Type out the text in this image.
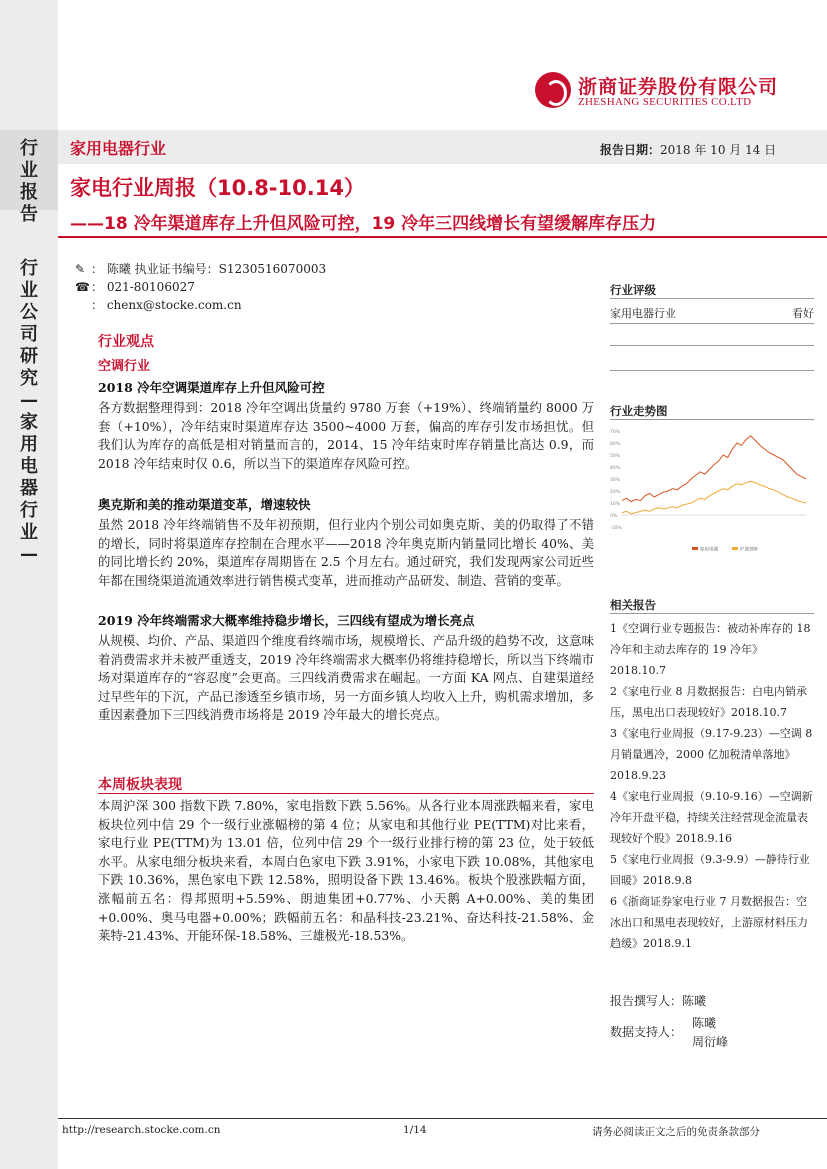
行
业
报
告
行
业
公
司
研
究
—
家
用
电
器
行
业
—
浙商证券股份有限公司
ZHESHANG SECURITIES CO.LTD
家用电器行业	报告日期：2018 年 10 月 14 日
家电行业周报（10.8-10.14）
——18 冷年渠道库存上升但风险可控，19 冷年三四线增长有望缓解库存压力
✎ ： 陈曦 执业证书编号：S1230516070003
☎： 021-80106027
： chenx@stocke.com.cn
行业观点
空调行业
2018 冷年空调渠道库存上升但风险可控
各方数据整理得到：2018 冷年空调出货量约 9780 万套（+19%）、终端销量约 8000 万套（+10%），冷年结束时渠道库存达 3500~4000 万套，偏高的库存引发市场担忧。但我们认为库存的高低是相对销量而言的，2014、15 冷年结束时库存销量比高达 0.9，而 2018 冷年结束时仅 0.6，所以当下的渠道库存风险可控。
奥克斯和美的推动渠道变革，增速较快
虽然 2018 冷年终端销售不及年初预期，但行业内个别公司如奥克斯、美的仍取得了不错的增长，同时将渠道库存控制在合理水平——2018 冷年奥克斯内销量同比增长 40%、美的同比增长约 20%，渠道库存周期皆在 2.5 个月左右。通过研究，我们发现两家公司近些年都在围绕渠道流通效率进行销售模式变革，进而推动产品研发、制造、营销的变革。
2019 冷年终端需求大概率维持稳步增长，三四线有望成为增长亮点
从规模、均价、产品、渠道四个维度看终端市场，规模增长、产品升级的趋势不改，这意味着消费需求并未被严重透支，2019 冷年终端需求大概率仍将维持稳增长，所以当下终端市场对渠道库存的“容忍度”会更高。三四线消费需求在崛起。一方面 KA 网点、自建渠道经过早些年的下沉，产品已渗透至乡镇市场，另一方面乡镇人均收入上升，购机需求增加，多重因素叠加下三四线消费市场将是 2019 冷年最大的增长亮点。
本周板块表现
本周沪深 300 指数下跌 7.80%，家电指数下跌 5.56%。从各行业本周涨跌幅来看，家电板块位列中信 29 个一级行业涨幅榜的第 4 位；从家电和其他行业 PE(TTM)对比来看，家电行业 PE(TTM)为 13.01 倍，位列中信 29 个一级行业排行榜的第 23 位，处于较低水平。从家电细分板块来看，本周白色家电下跌 3.91%，小家电下跌 10.08%，其他家电下跌 10.36%，黑色家电下跌 12.58%，照明设备下跌 13.46%。板块个股涨跌幅方面，涨幅前五名：得邦照明+5.59%、朗迪集团+0.77%、小天鹅 A+0.00%、美的集团+0.00%、奥马电器+0.00%；跌幅前五名：和晶科技-23.21%、奋达科技-21.58%、金莱特-21.43%、开能环保-18.58%、三雄极光-18.53%。
行业评级
家用电器行业	看好
行业走势图
70%
60%
50%
40%
30%
20%
10%
0%
-10%
家用电器	沪深300
相关报告
1《空调行业专题报告：被动补库存的 18 冷年和主动去库存的 19 冷年》2018.10.7
2《家电行业 8 月数据报告：白电内销承压，黑电出口表现较好》2018.10.7
3《家电行业周报（9.17-9.23）—空调 8 月销量遇冷，2000 亿加税清单落地》2018.9.23
4《家电行业周报（9.10-9.16）—空调新冷年开盘平稳，持续关注经营现金流量表现较好个股》2018.9.16
5《家电行业周报（9.3-9.9）—静待行业回暖》2018.9.8
6《浙商证券家电行业 7 月数据报告：空冰出口和黑电表现较好，上游原材料压力趋缓》2018.9.1
报告撰写人：陈曦
数据支持人：
陈曦
周衍峰
http://research.stocke.com.cn	1/14	请务必阅读正文之后的免责条款部分
